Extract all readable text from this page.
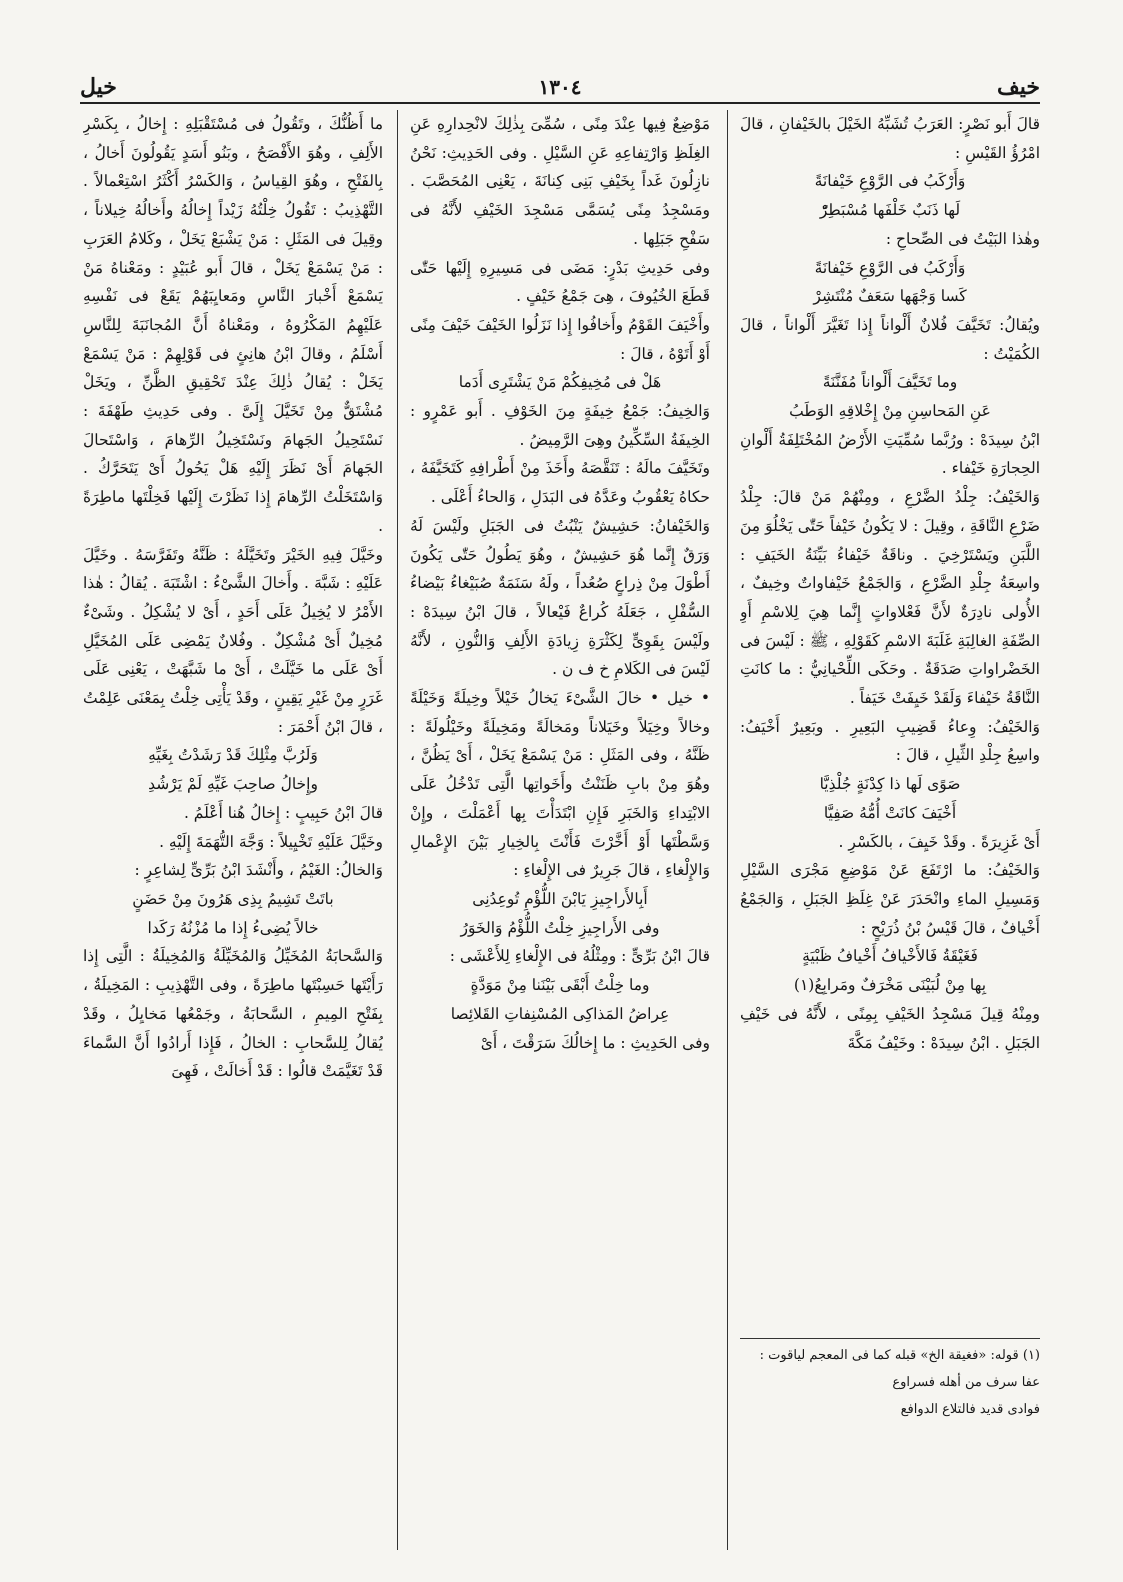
خيف
١٣٠٤
خيل

قالَ أَبو نَصْرٍ: العَرَبُ تُشَبِّهُ الخَيْلَ بالخَيْفانِ ، قالَ امْرُؤُ القَيْسِ :

وَأَرْكَبُ فى الرَّوْعِ خَيْفانَةً

لَها ذَنَبٌ خَلْفَها مُسْبَطِرّْ

وهٰذا البَيْتُ فى الصِّحاحِ :

وَأَرْكَبُ فى الرَّوْعِ خَيْفانَةً

كَسا وَجْهَها سَعَفٌ مُنْتَشِرْ

ويُقالُ: تَخَيَّفَ فُلانٌ أَلْواناً إِذا تَغَيَّرَ أَلْواناً ، قالَ الكُمَيْتُ :

وما تَخَيَّفَ أَلْواناً مُفَنَّنَةً

عَنِ المَحاسِنِ مِنْ إِخْلاقِهِ الوَطَبُ

ابْنُ سِيدَهْ : ورُبَّما سُمِّيَتِ الأَرْضُ المُخْتَلِفَةُ أَلْوانِ الحِجارَةِ خَيْفاء .

وَالخَيْفُ: جِلْدُ الضَّرْعِ ، ومِنْهُمْ مَنْ قالَ: جِلْدُ ضَرْعِ النَّاقَةِ ، وقِيلَ : لا يَكُونُ خَيْفاً حَتّٰى يَخْلُوَ مِنَ اللَّبَنِ ويَسْتَرْخِيَ . وناقَةٌ خَيْفاءُ بَيِّنَةُ الخَيَفِ : واسِعَةُ جِلْدِ الضَّرْعِ ، وَالجَمْعُ خَيْفاواتٌ وخِيفٌ ، الأُولى نادِرَةٌ لأَنَّ فَعْلاواتٍ إِنَّما هِيَ لِلاسْمِ أَوِ الصِّفَةِ الغالِبَةِ غَلَبَةَ الاسْمِ كَقَوْلِهِ ، ﷺ : لَيْسَ فى الخَضْراواتِ صَدَقَةٌ . وحَكَى اللِّحْيانِيُّ : ما كانَتِ النَّاقَةُ خَيْفاءَ وَلَقَدْ خَيِفَتْ خَيَفاً .

وَالخَيْفُ: وِعاءُ قَضِيبِ البَعِيرِ . وبَعِيرٌ أَخْيَفُ: واسِعُ جِلْدِ الثِّيلِ ، قالَ :

صَوًى لَها ذا كِدْنَةٍ جُلْذِيَّا

أَخْيَفَ كانَتْ أُمُّهُ صَفِيَّا

أَىْ غَزِيرَةً . وقَدْ خَيِفَ ، بالكَسْرِ .

وَالخَيْفُ: ما ارْتَفَعَ عَنْ مَوْضِعِ مَجْرَى السَّيْلِ وَمَسِيلِ الماءِ وانْحَدَرَ عَنْ غِلَظِ الجَبَلِ ، وَالجَمْعُ أَخْيافٌ ، قالَ قَيْسُ بْنُ ذُرَيْحٍ :

فَغَيْقَةُ فَالأَخْيافُ أَخْيافُ ظَبْيَةٍ

بِها مِنْ لُبَيْنَى مَخْرَفٌ ومَرابِعُ(١)

ومِنْهُ قِيلَ مَسْجِدُ الخَيْفِ بِمِنًى ، لأَنَّهُ فى خَيْفِ الجَبَلِ . ابْنُ سِيدَهْ : وخَيْفُ مَكَّةَ

مَوْضِعٌ فِيها عِنْدَ مِنًى ، سُمِّىَ بِذٰلِكَ لانْحِدارِهِ عَنِ الغِلَظِ وَارْتِفاعِهِ عَنِ السَّيْلِ . وفى الحَدِيثِ: نَحْنُ نازِلُونَ غَداً بِخَيْفِ بَنِى كِنانَةَ ، يَعْنِى المُحَصَّبَ . ومَسْجِدُ مِنًى يُسَمَّى مَسْجِدَ الخَيْفِ لأَنَّهُ فى سَفْحِ جَبَلِها .

وفى حَدِيثِ بَدْرٍ: مَضَى فى مَسِيرِهِ إِلَيْها حَتّٰى قَطَعَ الخُيُوفَ ، هِىَ جَمْعُ خَيْفٍ .

وأَخْيَفَ القَوْمُ وأَخافُوا إِذا نَزَلُوا الخَيْفَ خَيْفَ مِنًى أَوْ أَتَوْهُ ، قالَ :

هَلْ فى مُخِيفِكُمْ مَنْ يَشْتَرِى أَدَما

وَالخِيفُ: جَمْعُ خِيفَةٍ مِنَ الخَوْفِ . أَبو عَمْرٍو : الخِيفَةُ السِّكِّينُ وهِىَ الرَّمِيضُ .

وتَخَيَّفَ مالَهُ : تَنَقَّصَهُ وأَخَذَ مِنْ أَطْرافِهِ كَتَخَيَّفَهُ ، حكاهُ يَعْقُوبُ وعَدَّهُ فى البَدَلِ ، وَالحاءُ أَعْلَى .

وَالخَيْفانُ: حَشِيشٌ يَنْبُتُ فى الجَبَلِ ولَيْسَ لَهُ وَرَقٌ إِنَّما هُوَ حَشِيشٌ ، وهُوَ يَطُولُ حَتّٰى يَكُونَ أَطْوَلَ مِنْ ذِراعٍ صُعُداً ، ولَهُ سَنَمَةٌ صُبَيْغاءُ بَيْضاءُ السُّفْلِ ، جَعَلَهُ كُراعٌ فَيْعالاً ، قالَ ابْنُ سِيدَهْ : ولَيْسَ بِقَوِىٍّ لِكَثْرَةِ زِيادَةِ الأَلِفِ وَالنُّونِ ، لأَنَّهُ لَيْسَ فى الكَلامِ خ ف ن .

• خيل • خالَ الشَّىْءَ يَخالُ خَيْلاً وخِيلَةً وَخَيْلَةً وخالاً وخِيَلاً وخَيَلاناً ومَخالَةً ومَخِيلَةً وخَيْلُولَةً : ظَنَّهُ ، وفى المَثَلِ : مَنْ يَسْمَعْ يَخَلْ ، أَىْ يَظُنَّ ، وهُوَ مِنْ بابِ ظَنَنْتُ وأَخَواتِها الَّتِى تَدْخُلُ عَلَى الابْتِداءِ وَالخَبَرِ فَإِنِ ابْتَدَأْتَ بِها أَعْمَلْتَ ، وإِنْ وَسَّطْتَها أَوْ أَخَّرْتَ فَأَنْتَ بِالخِيارِ بَيْنَ الإِعْمالِ وَالإِلْغاءِ ، قالَ جَرِيرٌ فى الإِلْغاءِ :

أَبِالأَراجِيزِ يَابْنَ اللُّؤْمِ تُوعِدُنِى

وفى الأَراجِيزِ خِلْتُ اللُّؤْمُ وَالخَوَرُ

قالَ ابْنُ بَرِّىٍّ : ومِثْلُهُ فى الإِلْغاءِ لِلأَعْشَى :

وما خِلْتُ أَبْقَى بَيْنَنا مِنْ مَوَدَّةٍ

عِراضُ المَذاكِى المُسْنِفاتِ القَلائِصا

وفى الحَدِيثِ : ما إِخالُكَ سَرَقْتَ ، أَىْ

ما أَظُنُّكَ ، وتَقُولُ فى مُسْتَقْبَلِهِ : إِخالُ ، بِكَسْرِ الأَلِفِ ، وهُوَ الأَفْصَحُ ، وبَنُو أَسَدٍ يَقُولُونَ أَخالُ ، بِالفَتْحِ ، وهُوَ القِياسُ ، وَالكَسْرُ أَكْثَرُ اسْتِعْمالاً . التَّهْذِيبُ : تَقُولُ خِلْتُهُ زَيْداً إِخالُهُ وأَخالُهُ خِيلاناً ، وقِيلَ فى المَثَلِ : مَنْ يَشْبَعْ يَخَلْ ، وكَلامُ العَرَبِ : مَنْ يَسْمَعْ يَخَلْ ، قالَ أَبو عُبَيْدٍ : ومَعْناهُ مَنْ يَسْمَعْ أَخْبارَ النَّاسِ ومَعايِبَهُمْ يَقَعْ فى نَفْسِهِ عَلَيْهِمُ المَكْرُوهُ ، ومَعْناهُ أَنَّ المُجانَبَةَ لِلنَّاسِ أَسْلَمُ ، وقالَ ابْنُ هانِئٍ فى قَوْلِهِمْ : مَنْ يَسْمَعْ يَخَلْ : يُقالُ ذٰلِكَ عِنْدَ تَحْقِيقِ الظَّنِّ ، ويَخَلْ مُشْتَقٌّ مِنْ تَخَيَّلَ إِلَىَّ . وفى حَدِيثِ طَهْفَةَ : نَسْتَحِيلُ الجَهامَ ونَسْتَخِيلُ الرِّهامَ ، وَاسْتَحالَ الجَهامَ أَىْ نَظَرَ إِلَيْهِ هَلْ يَحُولُ أَىْ يَتَحَرَّكُ . وَاسْتَخَلْتُ الرِّهامَ إِذا نَظَرْتَ إِلَيْها فَخِلْتَها ماطِرَةً .

وخَيَّلَ فِيهِ الخَيْرَ وتَخَيَّلَهُ : ظَنَّهُ وتَفَرَّسَهُ . وخَيَّلَ عَلَيْهِ : شَبَّهَ . وأَخالَ الشَّىْءُ : اشْتَبَهَ . يُقالُ : هٰذا الأَمْرُ لا يُخِيلُ عَلَى أَحَدٍ ، أَىْ لا يُشْكِلُ . وشَىْءٌ مُخِيلٌ أَىْ مُشْكِلٌ . وفُلانٌ يَمْضِى عَلَى المُخَيَّلِ أَىْ عَلَى ما خَيَّلَتْ ، أَىْ ما شَبَّهَتْ ، يَعْنِى عَلَى غَرَرٍ مِنْ غَيْرِ يَقِينٍ ، وقَدْ يَأْتِى خِلْتُ بِمَعْنَى عَلِمْتُ ، قالَ ابْنُ أَحْمَرَ :

وَلَرُبَّ مِثْلِكَ قَدْ رَشَدْتُ بِغَيِّهِ

وإِخالُ صاحِبَ غَيِّهِ لَمْ يَرْشُدِ

قالَ ابْنُ حَبِيبٍ : إِخالُ هُنا أَعْلَمُ .

وخَيَّلَ عَلَيْهِ تَخْيِيلاً : وَجَّهَ التُّهَمَةَ إِلَيْهِ .

وَالخالُ: الغَيْمُ ، وأَنْشَدَ ابْنُ بَرِّىٍّ لِشاعِرٍ :

باتَتْ تَشِيمُ بِذِى هَرُونَ مِنْ حَضَنٍ

خالاً يُضِىءُ إِذا ما مُزْنُهُ رَكَدا

وَالسَّحابَةُ المُخَيِّلُ وَالمُخَيِّلَةُ وَالمُخِيلَةُ : الَّتِى إِذا رَأَيْتَها حَسِبْتَها ماطِرَةً ، وفى التَّهْذِيبِ : المَخِيلَةُ ، بِفَتْحِ المِيمِ ، السَّحابَةُ ، وجَمْعُها مَخايِلُ ، وقَدْ يُقالُ لِلسَّحابِ : الخالُ ، فَإِذا أَرادُوا أَنَّ السَّماءَ قَدْ تَغَيَّمَتْ قالُوا : قَدْ أَخالَتْ ، فَهِىَ

(١) قوله: «فغيقة الخ» قبله كما فى المعجم لياقوت :
عفا سرف من أهله فسراوع
فوادى قديد فالتلاع الدوافع
